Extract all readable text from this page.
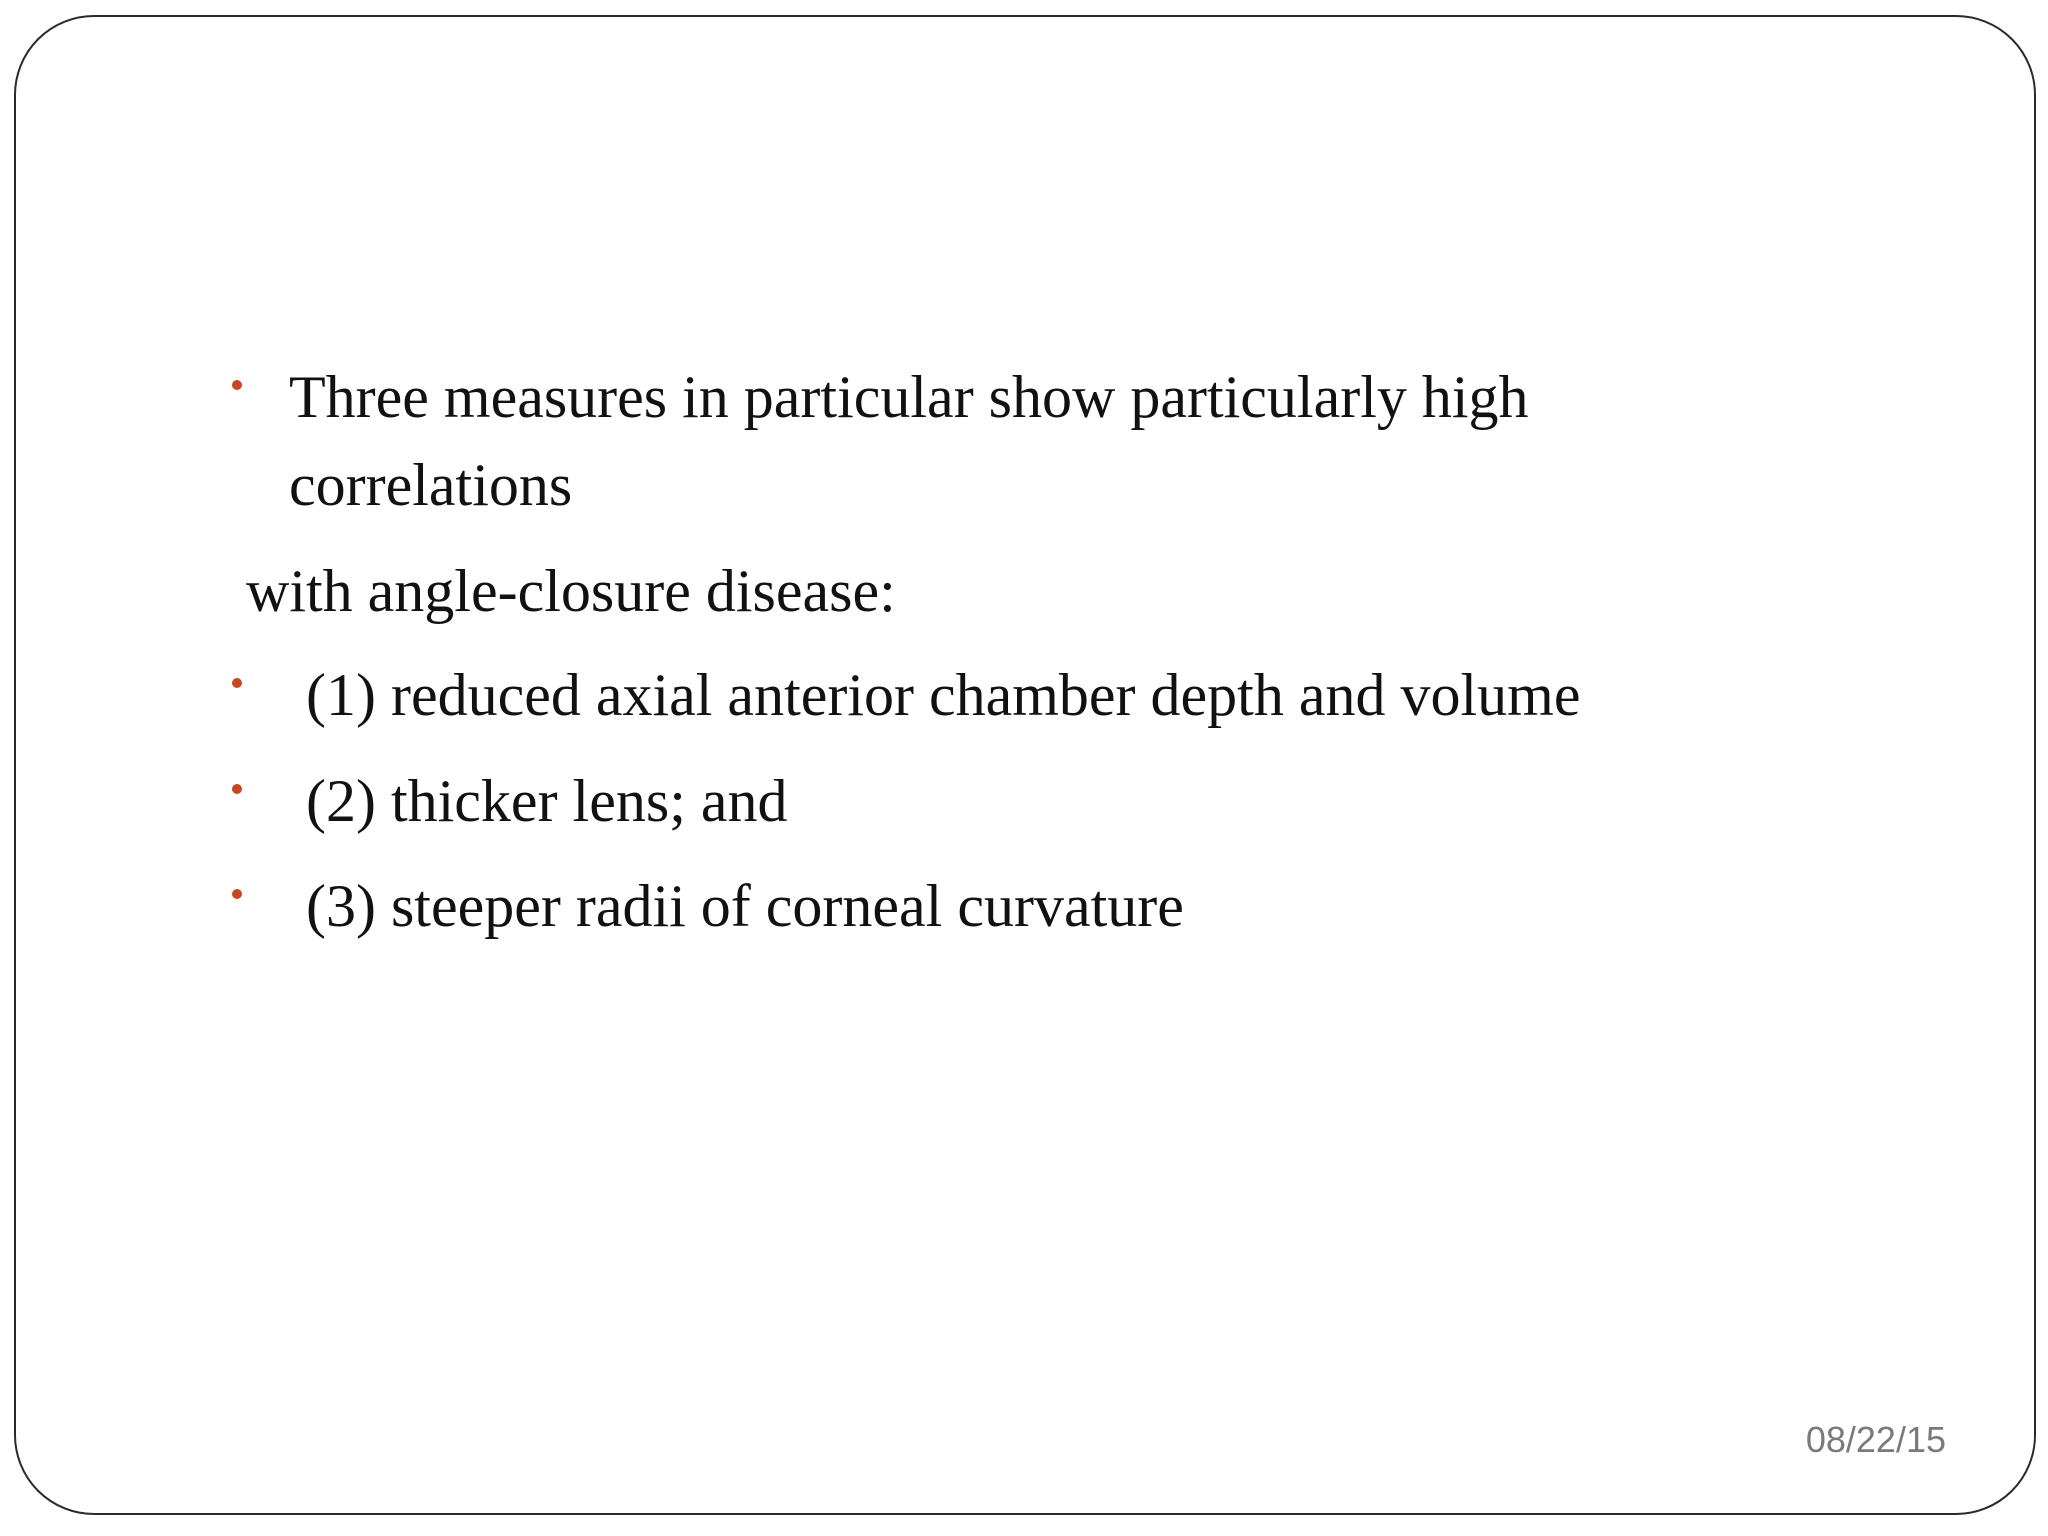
Three measures in particular show particularly high
correlations
with angle-closure disease:
(1) reduced axial anterior chamber depth and volume
(2) thicker lens; and
(3) steeper radii of corneal curvature
08/22/15
